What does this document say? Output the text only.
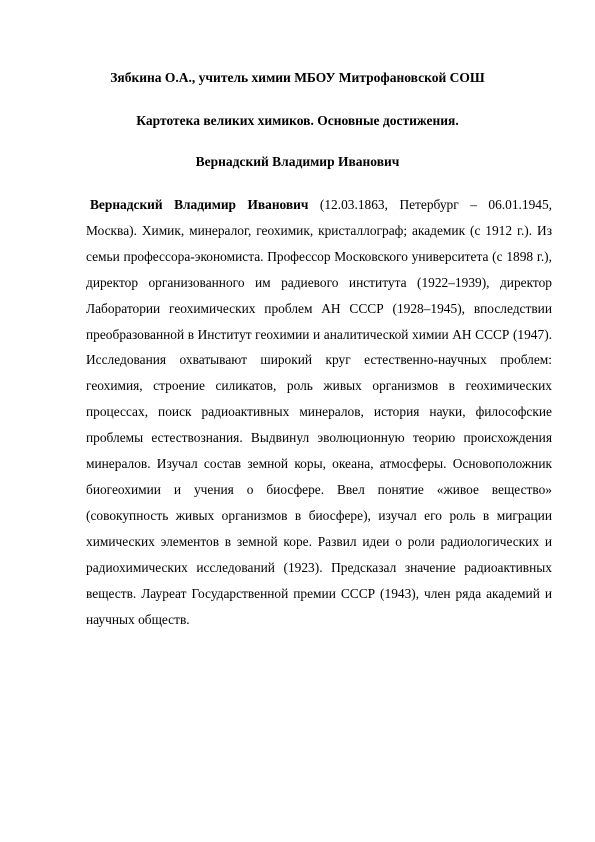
Зябкина О.А., учитель химии МБОУ Митрофановской СОШ

Картотека великих химиков. Основные достижения.

Вернадский Владимир Иванович

Вернадский Владимир Иванович (12.03.1863, Петербург – 06.01.1945, Москва). Химик, минералог, геохимик, кристаллограф; академик (с 1912 г.). Из семьи профессора-экономиста. Профессор Московского университета (с 1898 г.), директор организованного им радиевого института (1922–1939), директор Лаборатории геохимических проблем АН СССР (1928–1945), впоследствии преобразованной в Институт геохимии и аналитической химии АН СССР (1947). Исследования охватывают широкий круг естественно-научных проблем: геохимия, строение силикатов, роль живых организмов в геохимических процессах, поиск радиоактивных минералов, история науки, философские проблемы естествознания. Выдвинул эволюционную теорию происхождения минералов. Изучал состав земной коры, океана, атмосферы. Основоположник биогеохимии и учения о биосфере. Ввел понятие «живое вещество» (совокупность живых организмов в биосфере), изучал его роль в миграции химических элементов в земной коре. Развил идеи о роли радиологических и радиохимических исследований (1923). Предсказал значение радиоактивных веществ. Лауреат Государственной премии СССР (1943), член ряда академий и научных обществ.
